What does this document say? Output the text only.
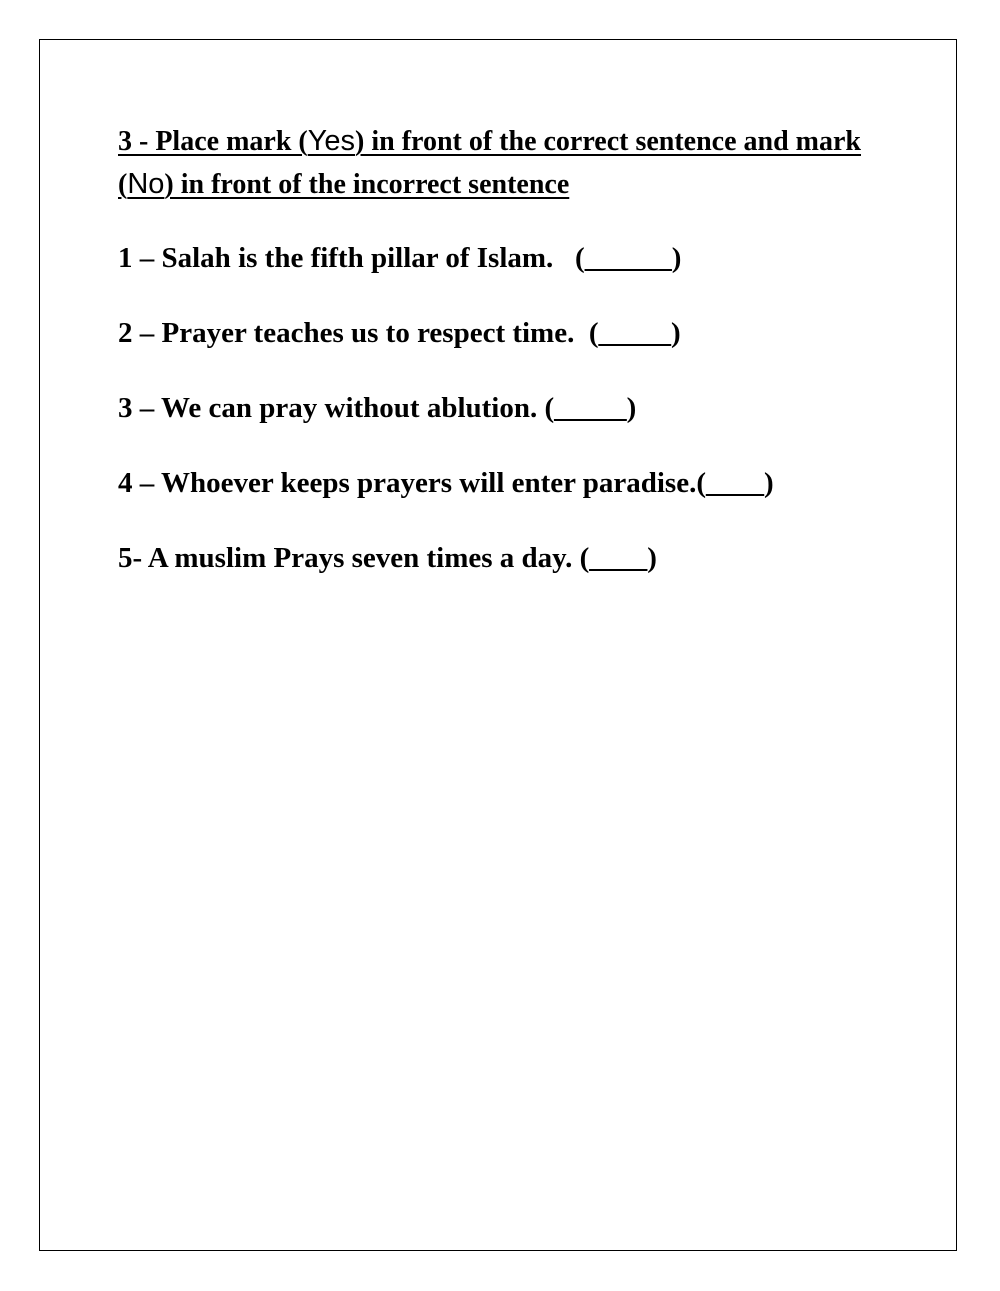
3 - Place mark (Yes) in front of the correct sentence and mark (No) in front of the incorrect sentence

1 – Salah is the fifth pillar of Islam.   (______)
2 – Prayer teaches us to respect time.  (_____)
3 – We can pray without ablution. (_____)
4 – Whoever keeps prayers will enter paradise.(____)
5- A muslim Prays seven times a day. (____)
